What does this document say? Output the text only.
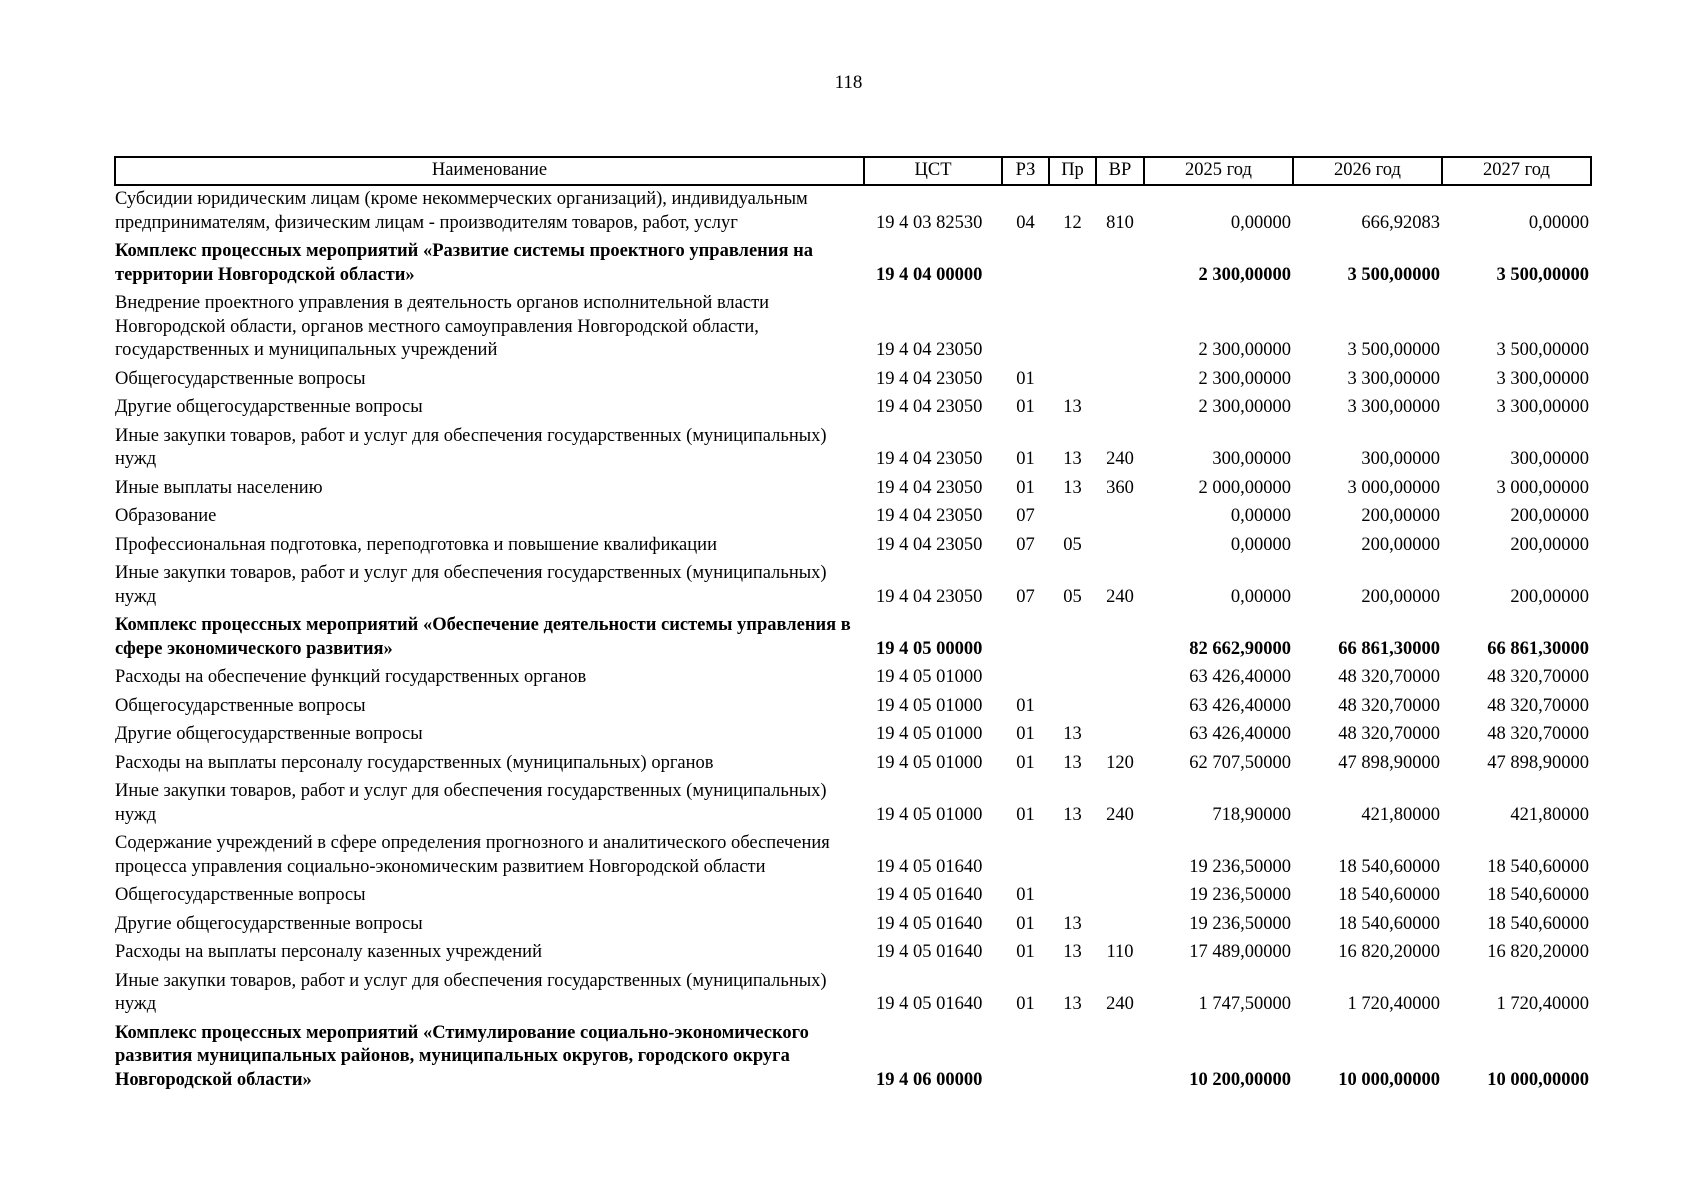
118
Наименование	ЦСТ	РЗ	Пр	ВР	2025 год	2026 год	2027 год
Субсидии юридическим лицам (кроме некоммерческих организаций), индивидуальным предпринимателям, физическим лицам - производителям товаров, работ, услуг	19 4 03 82530	04	12	810	0,00000	666,92083	0,00000
Комплекс процессных мероприятий «Развитие системы проектного управления на территории Новгородской области»	19 4 04 00000				2 300,00000	3 500,00000	3 500,00000
Внедрение проектного управления в деятельность органов исполнительной власти Новгородской области, органов местного самоуправления Новгородской области, государственных и муниципальных учреждений	19 4 04 23050				2 300,00000	3 500,00000	3 500,00000
Общегосударственные вопросы	19 4 04 23050	01			2 300,00000	3 300,00000	3 300,00000
Другие общегосударственные вопросы	19 4 04 23050	01	13		2 300,00000	3 300,00000	3 300,00000
Иные закупки товаров, работ и услуг для обеспечения государственных (муниципальных) нужд	19 4 04 23050	01	13	240	300,00000	300,00000	300,00000
Иные выплаты населению	19 4 04 23050	01	13	360	2 000,00000	3 000,00000	3 000,00000
Образование	19 4 04 23050	07			0,00000	200,00000	200,00000
Профессиональная подготовка, переподготовка и повышение квалификации	19 4 04 23050	07	05		0,00000	200,00000	200,00000
Иные закупки товаров, работ и услуг для обеспечения государственных (муниципальных) нужд	19 4 04 23050	07	05	240	0,00000	200,00000	200,00000
Комплекс процессных мероприятий «Обеспечение деятельности системы управления в сфере экономического развития»	19 4 05 00000				82 662,90000	66 861,30000	66 861,30000
Расходы на обеспечение функций государственных органов	19 4 05 01000				63 426,40000	48 320,70000	48 320,70000
Общегосударственные вопросы	19 4 05 01000	01			63 426,40000	48 320,70000	48 320,70000
Другие общегосударственные вопросы	19 4 05 01000	01	13		63 426,40000	48 320,70000	48 320,70000
Расходы на выплаты персоналу государственных (муниципальных) органов	19 4 05 01000	01	13	120	62 707,50000	47 898,90000	47 898,90000
Иные закупки товаров, работ и услуг для обеспечения государственных (муниципальных) нужд	19 4 05 01000	01	13	240	718,90000	421,80000	421,80000
Содержание учреждений в сфере определения прогнозного и аналитического обеспечения процесса управления социально-экономическим развитием Новгородской области	19 4 05 01640				19 236,50000	18 540,60000	18 540,60000
Общегосударственные вопросы	19 4 05 01640	01			19 236,50000	18 540,60000	18 540,60000
Другие общегосударственные вопросы	19 4 05 01640	01	13		19 236,50000	18 540,60000	18 540,60000
Расходы на выплаты персоналу казенных учреждений	19 4 05 01640	01	13	110	17 489,00000	16 820,20000	16 820,20000
Иные закупки товаров, работ и услуг для обеспечения государственных (муниципальных) нужд	19 4 05 01640	01	13	240	1 747,50000	1 720,40000	1 720,40000
Комплекс процессных мероприятий «Стимулирование социально-экономического развития муниципальных районов, муниципальных округов, городского округа Новгородской области»	19 4 06 00000				10 200,00000	10 000,00000	10 000,00000
